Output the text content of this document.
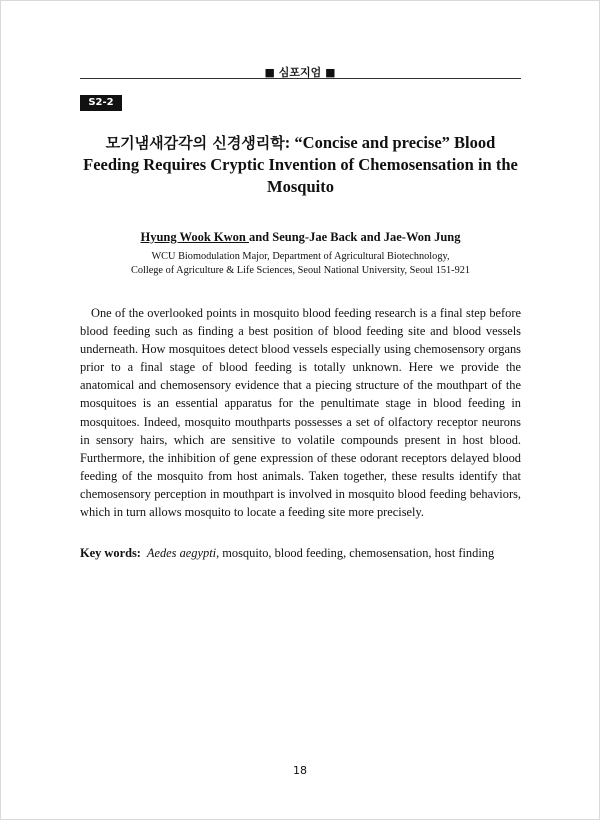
■ 심포지엄 ■
S2-2
모기냄새감각의 신경생리학: “Concise and precise” Blood Feeding Requires Cryptic Invention of Chemosensation in the Mosquito
Hyung Wook Kwon and Seung-Jae Back and Jae-Won Jung
WCU Biomodulation Major, Department of Agricultural Biotechnology,
College of Agriculture & Life Sciences, Seoul National University, Seoul 151-921

One of the overlooked points in mosquito blood feeding research is a final step before blood feeding such as finding a best position of blood feeding site and blood vessels underneath. How mosquitoes detect blood vessels especially using chemosensory organs prior to a final stage of blood feeding is totally unknown. Here we provide the anatomical and chemosensory evidence that a piecing structure of the mouthpart of the mosquitoes is an essential apparatus for the penultimate stage in blood feeding in mosquitoes. Indeed, mosquito mouthparts possesses a set of olfactory receptor neurons in sensory hairs, which are sensitive to volatile compounds present in host blood. Furthermore, the inhibition of gene expression of these odorant receptors delayed blood feeding of the mosquito from host animals. Taken together, these results identify that chemosensory perception in mouthpart is involved in mosquito blood feeding behaviors, which in turn allows mosquito to locate a feeding site more precisely.

Key words: Aedes aegypti, mosquito, blood feeding, chemosensation, host finding
18
